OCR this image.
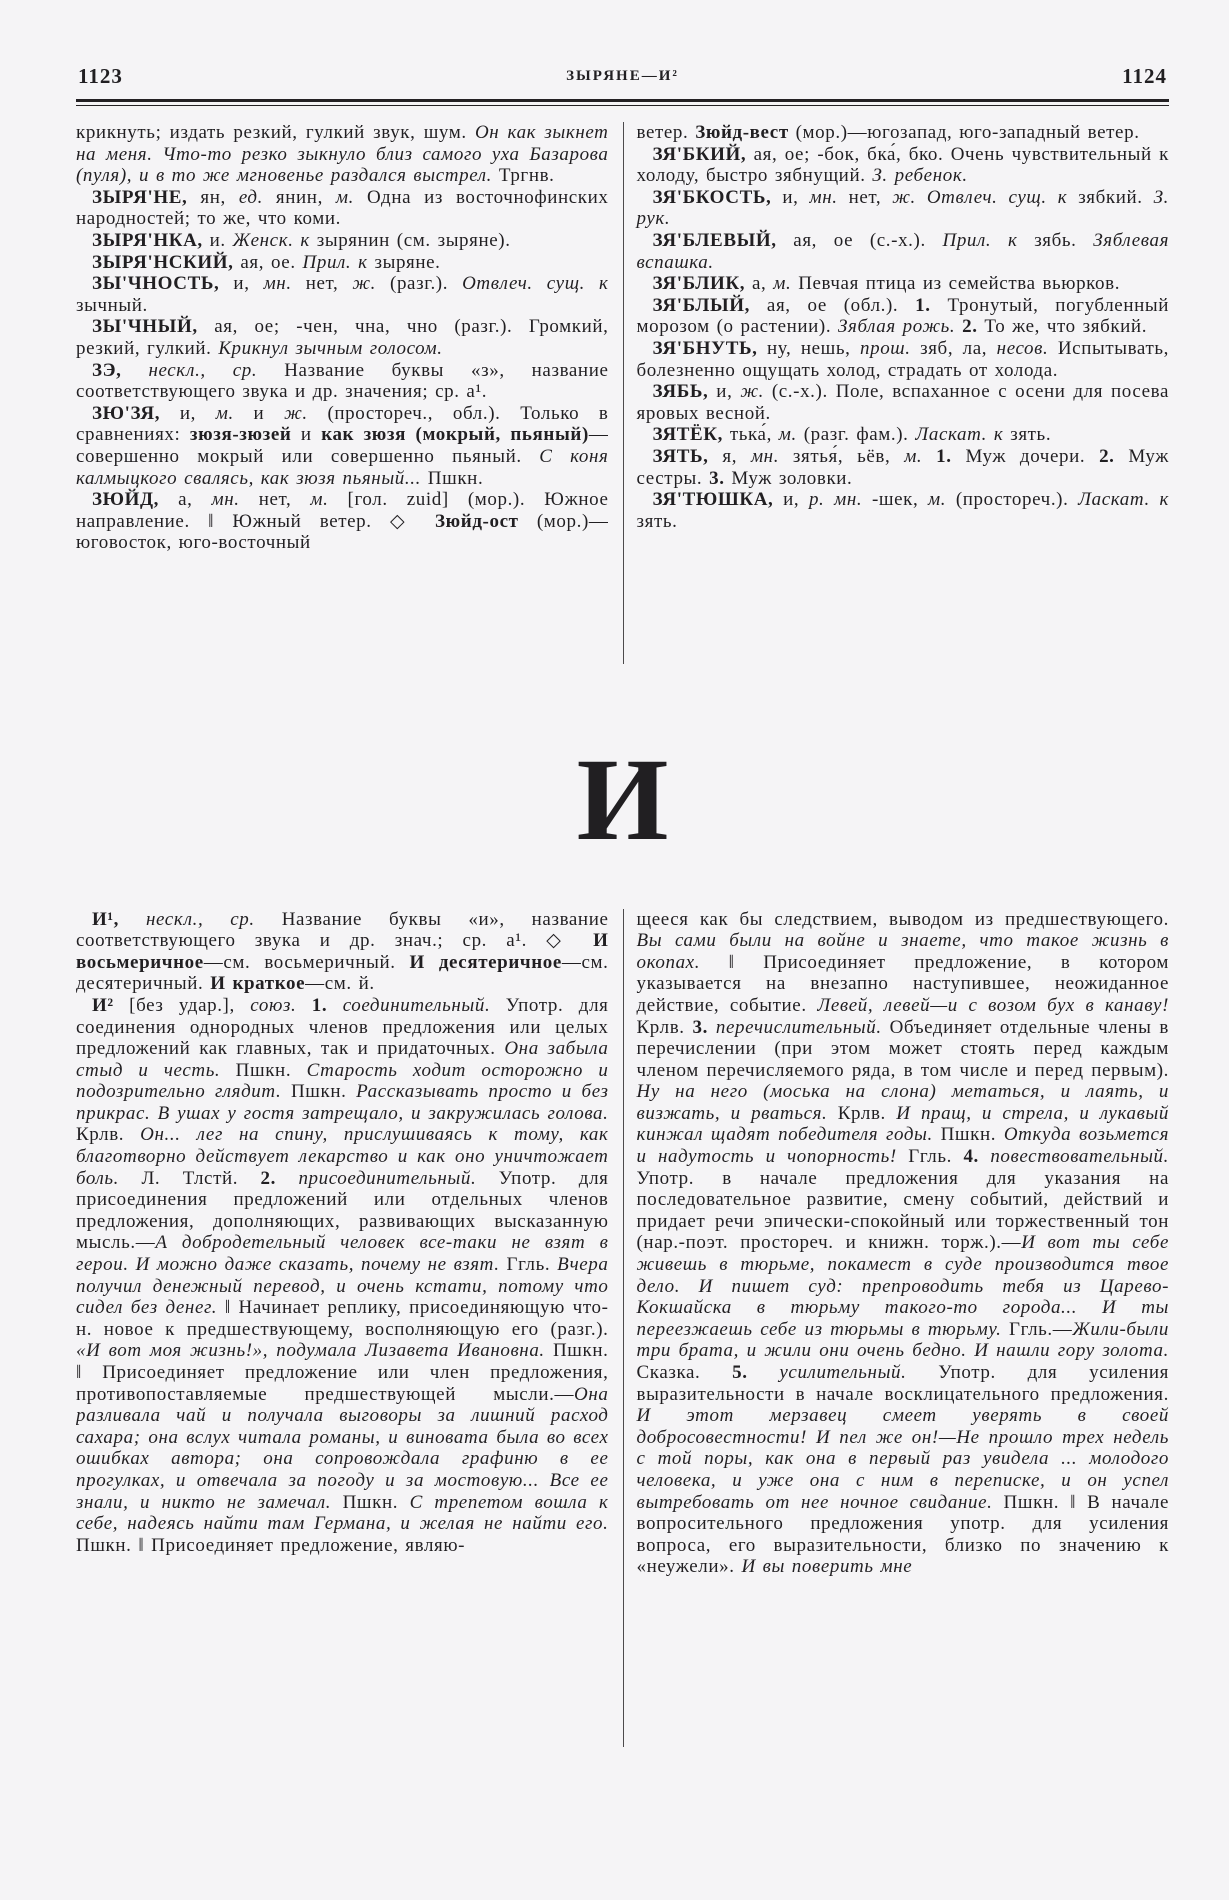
1123	ЗЫРЯНЕ—И²	1124

крикнуть; издать резкий, гулкий звук, шум. Он как зыкнет на меня. Что-то резко зыкнуло близ самого уха Базарова (пуля), и в то же мгновенье раздался выстрел. Тргнв.

ЗЫРЯ'НЕ, ян, ед. янин, м. Одна из восточнофинских народностей; то же, что коми.

ЗЫРЯ'НКА, и. Женск. к зырянин (см. зыряне).

ЗЫРЯ'НСКИЙ, ая, ое. Прил. к зыряне.

ЗЫ'ЧНОСТЬ, и, мн. нет, ж. (разг.). Отвлеч. сущ. к зычный.

ЗЫ'ЧНЫЙ, ая, ое; -чен, чна, чно (разг.). Громкий, резкий, гулкий. Крикнул зычным голосом.

ЗЭ, нескл., ср. Название буквы «з», название соответствующего звука и др. значения; ср. а¹.

ЗЮ'ЗЯ, и, м. и ж. (простореч., обл.). Только в сравнениях: зюзя-зюзей и как зюзя (мокрый, пьяный)—совершенно мокрый или совершенно пьяный. С коня калмыцкого свалясь, как зюзя пьяный... Пшкн.

ЗЮЙД, а, мн. нет, м. [гол. zuid] (мор.). Южное направление. ‖ Южный ветер. ◇ Зюйд-ост (мор.)—юговосток, юго-восточный

ветер. Зюйд-вест (мор.)—югозапад, юго-западный ветер.

ЗЯ'БКИЙ, ая, ое; -бок, бка́, бко. Очень чувствительный к холоду, быстро зябнущий. З. ребенок.

ЗЯ'БКОСТЬ, и, мн. нет, ж. Отвлеч. сущ. к зябкий. З. рук.

ЗЯ'БЛЕВЫЙ, ая, ое (с.-х.). Прил. к зябь. Зяблевая вспашка.

ЗЯ'БЛИК, а, м. Певчая птица из семейства вьюрков.

ЗЯ'БЛЫЙ, ая, ое (обл.). 1. Тронутый, погубленный морозом (о растении). Зяблая рожь. 2. То же, что зябкий.

ЗЯ'БНУТЬ, ну, нешь, прош. зяб, ла, несов. Испытывать, болезненно ощущать холод, страдать от холода.

ЗЯБЬ, и, ж. (с.-х.). Поле, вспаханное с осени для посева яровых весной.

ЗЯТЁК, тька́, м. (разг. фам.). Ласкат. к зять.

ЗЯТЬ, я, мн. зятья́, ьёв, м. 1. Муж дочери. 2. Муж сестры. 3. Муж золовки.

ЗЯ'ТЮШКА, и, р. мн. -шек, м. (простореч.). Ласкат. к зять.

И

И¹, нескл., ср. Название буквы «и», название соответствующего звука и др. знач.; ср. а¹. ◇ И восьмеричное—см. восьмеричный. И десятеричное—см. десятеричный. И краткое—см. й.

И² [без удар.], союз. 1. соединительный. Употр. для соединения однородных членов предложения или целых предложений как главных, так и придаточных. Она забыла стыд и честь. Пшкн. Старость ходит осторожно и подозрительно глядит. Пшкн. Рассказывать просто и без прикрас. В ушах у гостя затрещало, и закружилась голова. Крлв. Он... лег на спину, прислушиваясь к тому, как благотворно действует лекарство и как оно уничтожает боль. Л. Тлстй. 2. присоединительный. Употр. для присоединения предложений или отдельных членов предложения, дополняющих, развивающих высказанную мысль.—А добродетельный человек все-таки не взят в герои. И можно даже сказать, почему не взят. Ггль. Вчера получил денежный перевод, и очень кстати, потому что сидел без денег. ‖ Начинает реплику, присоединяющую что-н. новое к предшествующему, восполняющую его (разг.). «И вот моя жизнь!», подумала Лизавета Ивановна. Пшкн. ‖ Присоединяет предложение или член предложения, противопоставляемые предшествующей мысли.—Она разливала чай и получала выговоры за лишний расход сахара; она вслух читала романы, и виновата была во всех ошибках автора; она сопровождала графиню в ее прогулках, и отвечала за погоду и за мостовую... Все ее знали, и никто не замечал. Пшкн. С трепетом вошла к себе, надеясь найти там Германа, и желая не найти его. Пшкн. ‖ Присоединяет предложение, являю-

щееся как бы следствием, выводом из предшествующего. Вы сами были на войне и знаете, что такое жизнь в окопах. ‖ Присоединяет предложение, в котором указывается на внезапно наступившее, неожиданное действие, событие. Левей, левей—и с возом бух в канаву! Крлв. 3. перечислительный. Объединяет отдельные члены в перечислении (при этом может стоять перед каждым членом перечисляемого ряда, в том числе и перед первым). Ну на него (моська на слона) метаться, и лаять, и визжать, и рваться. Крлв. И пращ, и стрела, и лукавый кинжал щадят победителя годы. Пшкн. Откуда возьмется и надутость и чопорность! Ггль. 4. повествовательный. Употр. в начале предложения для указания на последовательное развитие, смену событий, действий и придает речи эпически-спокойный или торжественный тон (нар.-поэт. простореч. и книжн. торж.).—И вот ты себе живешь в тюрьме, покамест в суде производится твое дело. И пишет суд: препроводить тебя из Царево-Кокшайска в тюрьму такого-то города... И ты переезжаешь себе из тюрьмы в тюрьму. Ггль.—Жили-были три брата, и жили они очень бедно. И нашли гору золота. Сказка. 5. усилительный. Употр. для усиления выразительности в начале восклицательного предложения. И этот мерзавец смеет уверять в своей добросовестности! И пел же он!—Не прошло трех недель с той поры, как она в первый раз увидела ... молодого человека, и уже она с ним в переписке, и он успел вытребовать от нее ночное свидание. Пшкн. ‖ В начале вопросительного предложения употр. для усиления вопроса, его выразительности, близко по значению к «неужели». И вы поверить мне
